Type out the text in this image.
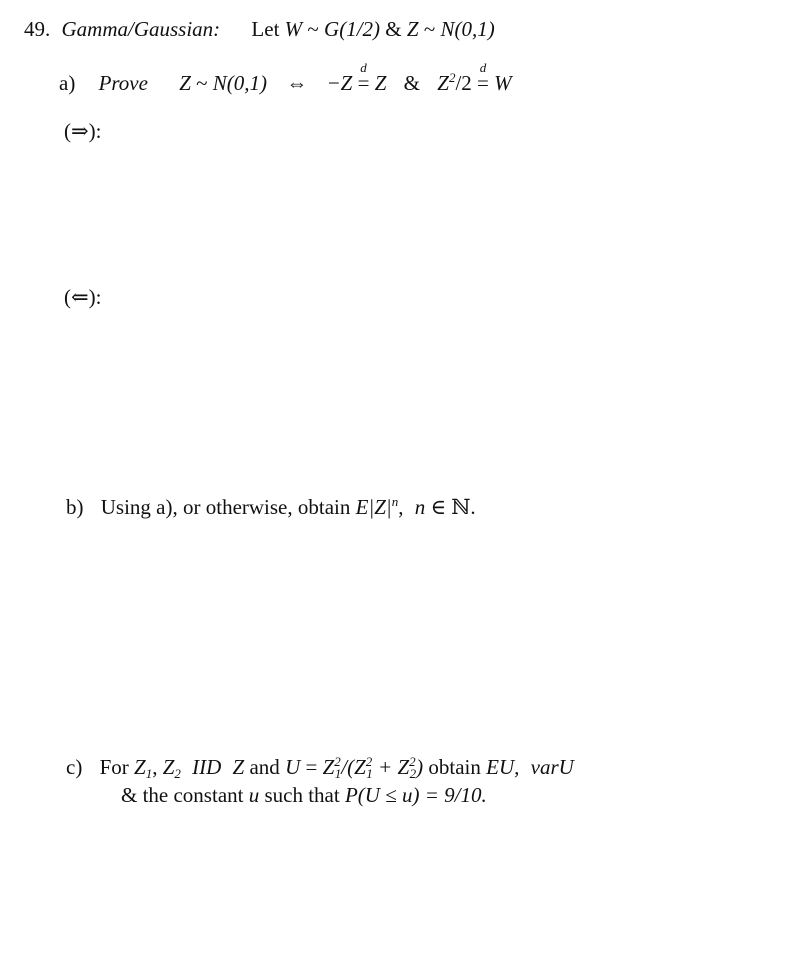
49. Gamma/Gaussian: Let W ~ G(1/2) & Z ~ N(0,1)
a) Prove Z ~ N(0,1) ⇔ −Z
d
= Z & $Z^2/2$
d
= W
(⇒):
(⇐):
b) Using a), or otherwise, obtain $E|Z|^n$, n ∈ ℕ.
c) For $Z_1$, $Z_2$ IID Z and $U = Z^2_1/(Z^2_1 + Z^2_2)$ obtain EU, varU
& the constant u such that P(U ≤ u) = 9/10.
